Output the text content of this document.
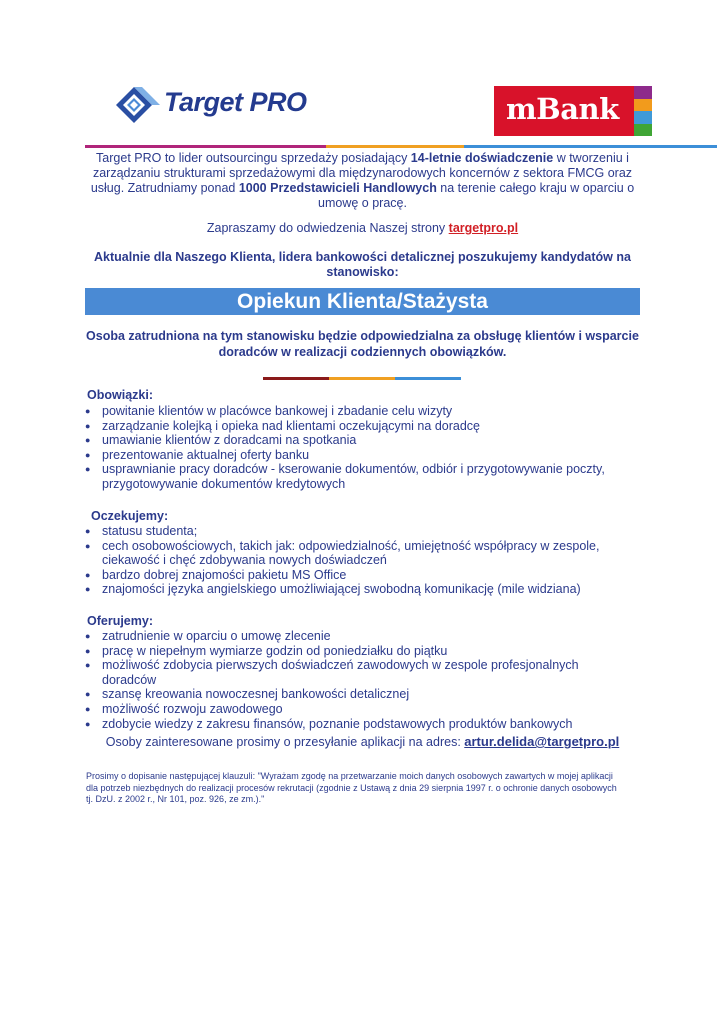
Target PRO	mBank
Target PRO to lider outsourcingu sprzedaży posiadający 14-letnie doświadczenie w tworzeniu i zarządzaniu strukturami sprzedażowymi dla międzynarodowych koncernów z sektora FMCG oraz usług. Zatrudniamy ponad 1000 Przedstawicieli Handlowych na terenie całego kraju w oparciu o umowę o pracę.
Zapraszamy do odwiedzenia Naszej strony targetpro.pl
Aktualnie dla Naszego Klienta, lidera bankowości detalicznej poszukujemy kandydatów na stanowisko:
Opiekun Klienta/Stażysta
Osoba zatrudniona na tym stanowisku będzie odpowiedzialna za obsługę klientów i wsparcie doradców w realizacji codziennych obowiązków.
Obowiązki:
● powitanie klientów w placówce bankowej i zbadanie celu wizyty
● zarządzanie kolejką i opieka nad klientami oczekującymi na doradcę
● umawianie klientów z doradcami na spotkania
● prezentowanie aktualnej oferty banku
● usprawnianie pracy doradców - kserowanie dokumentów, odbiór i przygotowywanie poczty, przygotowywanie dokumentów kredytowych
Oczekujemy:
● statusu studenta;
● cech osobowościowych, takich jak: odpowiedzialność, umiejętność współpracy w zespole, ciekawość i chęć zdobywania nowych doświadczeń
● bardzo dobrej znajomości pakietu MS Office
● znajomości języka angielskiego umożliwiającej swobodną komunikację (mile widziana)
Oferujemy:
● zatrudnienie w oparciu o umowę zlecenie
● pracę w niepełnym wymiarze godzin od poniedziałku do piątku
● możliwość zdobycia pierwszych doświadczeń zawodowych w zespole profesjonalnych doradców
● szansę kreowania nowoczesnej bankowości detalicznej
● możliwość rozwoju zawodowego
● zdobycie wiedzy z zakresu finansów, poznanie podstawowych produktów bankowych
Osoby zainteresowane prosimy o przesyłanie aplikacji na adres: artur.delida@targetpro.pl
Prosimy o dopisanie następującej klauzuli: "Wyrażam zgodę na przetwarzanie moich danych osobowych zawartych w mojej aplikacji dla potrzeb niezbędnych do realizacji procesów rekrutacji (zgodnie z Ustawą z dnia 29 sierpnia 1997 r. o ochronie danych osobowych tj. DzU. z 2002 r., Nr 101, poz. 926, ze zm.)."
